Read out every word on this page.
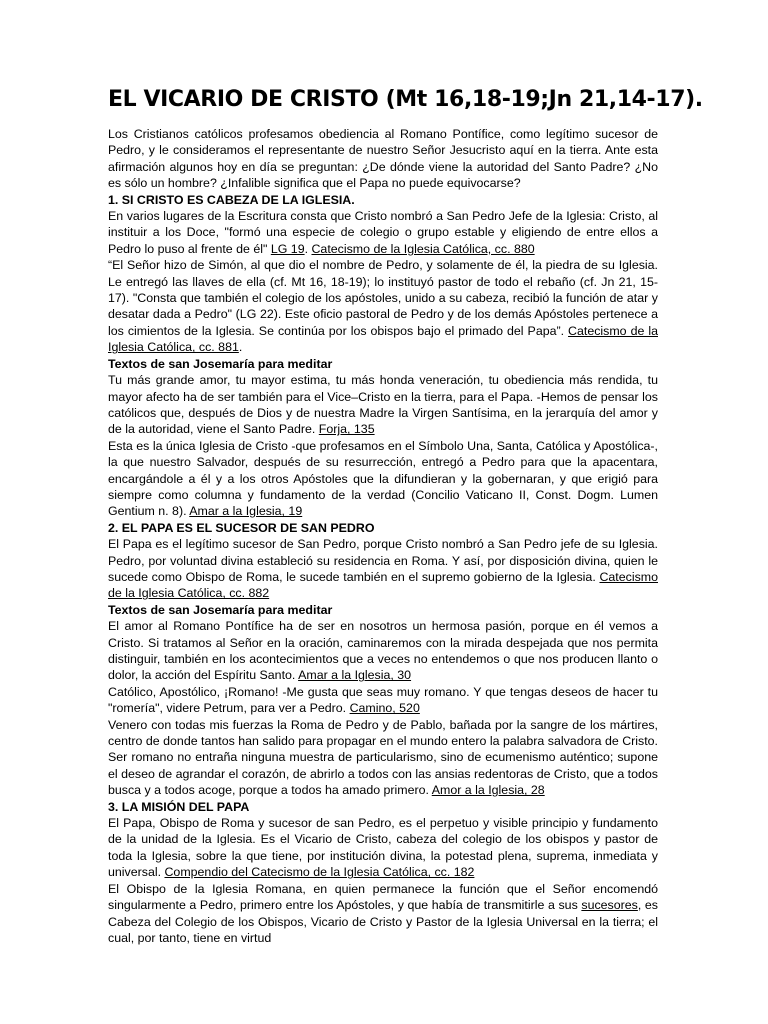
EL VICARIO DE CRISTO (Mt 16,18-19;Jn 21,14-17).

Los Cristianos católicos profesamos obediencia al Romano Pontífice, como legítimo sucesor de Pedro, y le consideramos el representante de nuestro Señor Jesucristo aquí en la tierra. Ante esta afirmación algunos hoy en día se preguntan: ¿De dónde viene la autoridad del Santo Padre? ¿No es sólo un hombre? ¿Infalible significa que el Papa no puede equivocarse?

1. SI CRISTO ES CABEZA DE LA IGLESIA.

En varios lugares de la Escritura consta que Cristo nombró a San Pedro Jefe de la Iglesia: Cristo, al instituir a los Doce, "formó una especie de colegio o grupo estable y eligiendo de entre ellos a Pedro lo puso al frente de él" LG 19. Catecismo de la Iglesia Católica, cc. 880

“El Señor hizo de Simón, al que dio el nombre de Pedro, y solamente de él, la piedra de su Iglesia. Le entregó las llaves de ella (cf. Mt 16, 18-19); lo instituyó pastor de todo el rebaño (cf. Jn 21, 15-17). "Consta que también el colegio de los apóstoles, unido a su cabeza, recibió la función de atar y desatar dada a Pedro" (LG 22). Este oficio pastoral de Pedro y de los demás Apóstoles pertenece a los cimientos de la Iglesia. Se continúa por los obispos bajo el primado del Papa”. Catecismo de la Iglesia Católica, cc. 881.

Textos de san Josemaría para meditar

Tu más grande amor, tu mayor estima, tu más honda veneración, tu obediencia más rendida, tu mayor afecto ha de ser también para el Vice–Cristo en la tierra, para el Papa. -Hemos de pensar los católicos que, después de Dios y de nuestra Madre la Virgen Santísima, en la jerarquía del amor y de la autoridad, viene el Santo Padre. Forja, 135

Esta es la única Iglesia de Cristo -que profesamos en el Símbolo Una, Santa, Católica y Apostólica-, la que nuestro Salvador, después de su resurrección, entregó a Pedro para que la apacentara, encargándole a él y a los otros Apóstoles que la difundieran y la gobernaran, y que erigió para siempre como columna y fundamento de la verdad (Concilio Vaticano II, Const. Dogm. Lumen Gentium n. 8). Amar a la Iglesia, 19

2. EL PAPA ES EL SUCESOR DE SAN PEDRO

El Papa es el legítimo sucesor de San Pedro, porque Cristo nombró a San Pedro jefe de su Iglesia. Pedro, por voluntad divina estableció su residencia en Roma. Y así, por disposición divina, quien le sucede como Obispo de Roma, le sucede también en el supremo gobierno de la Iglesia. Catecismo de la Iglesia Católica, cc. 882

Textos de san Josemaría para meditar

El amor al Romano Pontífice ha de ser en nosotros un hermosa pasión, porque en él vemos a Cristo. Si tratamos al Señor en la oración, caminaremos con la mirada despejada que nos permita distinguir, también en los acontecimientos que a veces no entendemos o que nos producen llanto o dolor, la acción del Espíritu Santo. Amar a la Iglesia, 30

Católico, Apostólico, ¡Romano! -Me gusta que seas muy romano. Y que tengas deseos de hacer tu "romería", videre Petrum, para ver a Pedro. Camino, 520

Venero con todas mis fuerzas la Roma de Pedro y de Pablo, bañada por la sangre de los mártires, centro de donde tantos han salido para propagar en el mundo entero la palabra salvadora de Cristo. Ser romano no entraña ninguna muestra de particularismo, sino de ecumenismo auténtico; supone el deseo de agrandar el corazón, de abrirlo a todos con las ansias redentoras de Cristo, que a todos busca y a todos acoge, porque a todos ha amado primero. Amor a la Iglesia, 28

3. LA MISIÓN DEL PAPA

El Papa, Obispo de Roma y sucesor de san Pedro, es el perpetuo y visible principio y fundamento de la unidad de la Iglesia. Es el Vicario de Cristo, cabeza del colegio de los obispos y pastor de toda la Iglesia, sobre la que tiene, por institución divina, la potestad plena, suprema, inmediata y universal. Compendio del Catecismo de la Iglesia Católica, cc. 182

El Obispo de la Iglesia Romana, en quien permanece la función que el Señor encomendó singularmente a Pedro, primero entre los Apóstoles, y que había de transmitirle a sus sucesores, es Cabeza del Colegio de los Obispos, Vicario de Cristo y Pastor de la Iglesia Universal en la tierra; el cual, por tanto, tiene en virtud
